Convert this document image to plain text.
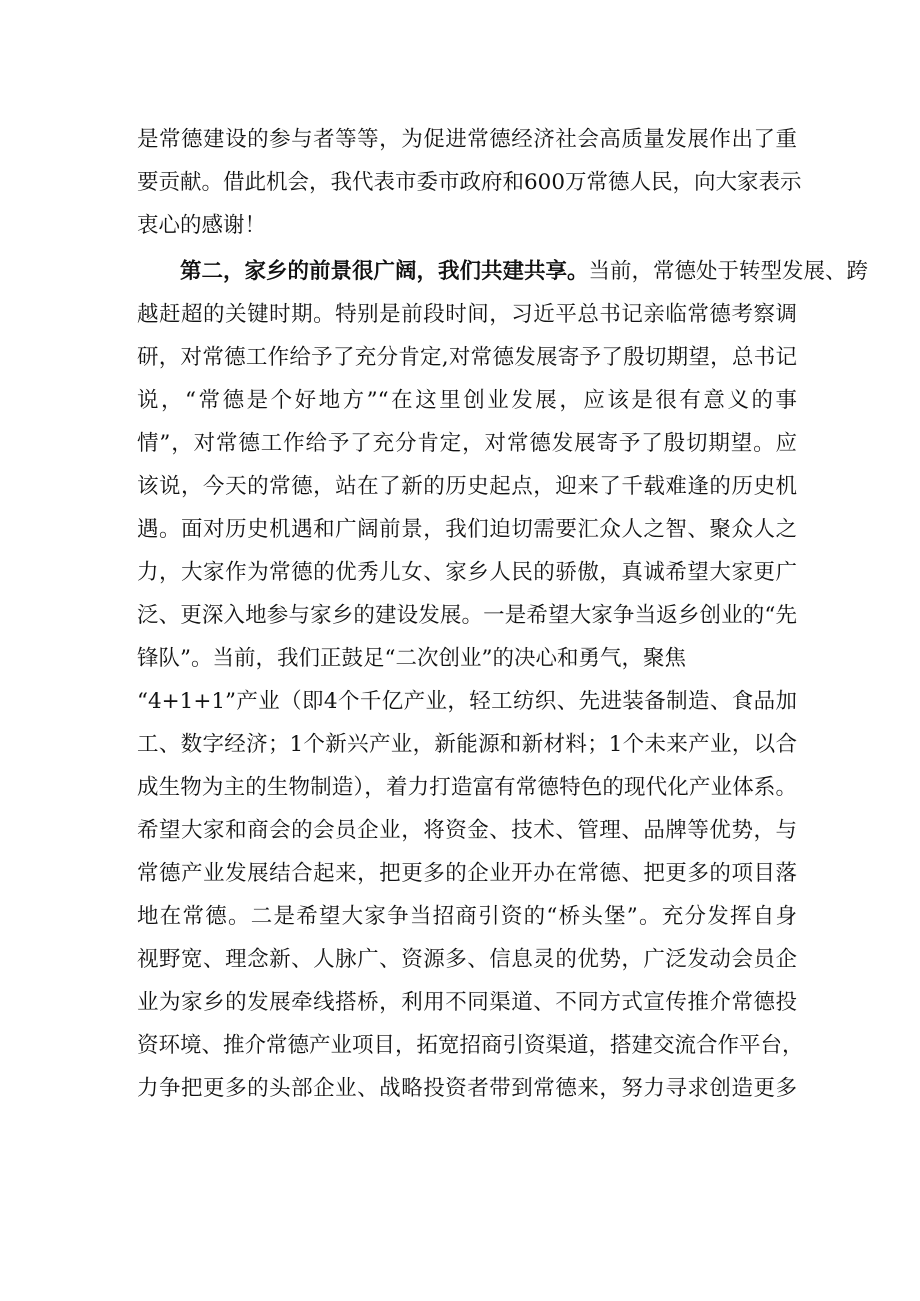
是常德建设的参与者等等，为促进常德经济社会高质量发展作出了重
要贡献。借此机会，我代表市委市政府和600万常德人民，向大家表示
衷心的感谢！
第二，家乡的前景很广阔，我们共建共享。当前，常德处于转型发展、跨
越赶超的关键时期。特别是前段时间，习近平总书记亲临常德考察调
研，对常德工作给予了充分肯定,对常德发展寄予了殷切期望，总书记
说，“常德是个好地方”“在这里创业发展，应该是很有意义的事
情”，对常德工作给予了充分肯定，对常德发展寄予了殷切期望。应
该说，今天的常德，站在了新的历史起点，迎来了千载难逢的历史机
遇。面对历史机遇和广阔前景，我们迫切需要汇众人之智、聚众人之
力，大家作为常德的优秀儿女、家乡人民的骄傲，真诚希望大家更广
泛、更深入地参与家乡的建设发展。一是希望大家争当返乡创业的“先
锋队”。当前，我们正鼓足“二次创业”的决心和勇气，聚焦
“4+1+1”产业（即4个千亿产业，轻工纺织、先进装备制造、食品加
工、数字经济；1个新兴产业，新能源和新材料；1个未来产业，以合
成生物为主的生物制造），着力打造富有常德特色的现代化产业体系。
希望大家和商会的会员企业，将资金、技术、管理、品牌等优势，与
常德产业发展结合起来，把更多的企业开办在常德、把更多的项目落
地在常德。二是希望大家争当招商引资的“桥头堡”。充分发挥自身
视野宽、理念新、人脉广、资源多、信息灵的优势，广泛发动会员企
业为家乡的发展牵线搭桥，利用不同渠道、不同方式宣传推介常德投
资环境、推介常德产业项目，拓宽招商引资渠道，搭建交流合作平台，
力争把更多的头部企业、战略投资者带到常德来，努力寻求创造更多
